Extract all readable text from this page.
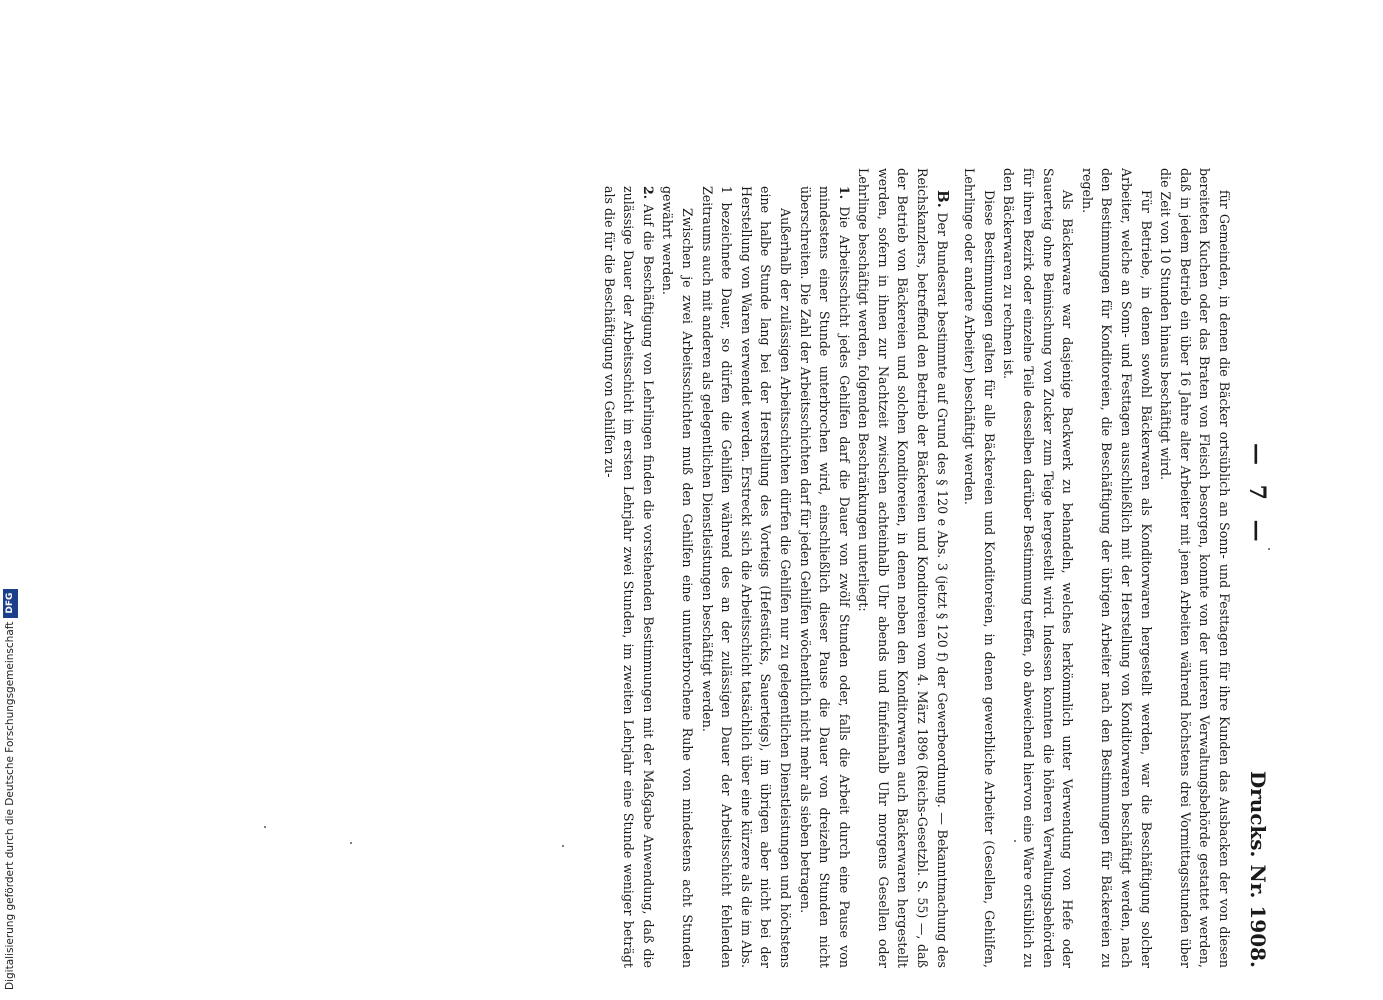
— 7 —
Drucks. Nr. 1908.

für Gemeinden, in denen die Bäcker ortsüblich an Sonn- und Festtagen für ihre Kunden das Ausbacken der von diesen bereiteten Kuchen oder das Braten von Fleisch besorgen, konnte von der unteren Verwaltungsbehörde gestattet werden, daß in jedem Betrieb ein über 16 Jahre alter Arbeiter mit jenen Arbeiten während höchstens drei Vormittagsstunden über die Zeit von 10 Stunden hinaus beschäftigt wird.

Für Betriebe, in denen sowohl Bäckerwaren als Konditorwaren hergestellt werden, war die Beschäftigung solcher Arbeiter, welche an Sonn- und Festtagen ausschließlich mit der Herstellung von Konditorwaren beschäftigt werden, nach den Bestimmungen für Konditoreien, die Beschäftigung der übrigen Arbeiter nach den Bestimmungen für Bäckereien zu regeln.

Als Bäckerware war dasjenige Backwerk zu behandeln, welches herkömmlich unter Verwendung von Hefe oder Sauerteig ohne Beimischung von Zucker zum Teige hergestellt wird. Indessen konnten die höheren Verwaltungsbehörden für ihren Bezirk oder einzelne Teile desselben darüber Bestimmung treffen, ob abweichend hiervon eine Ware ortsüblich zu den Bäckerwaren zu rechnen ist.

Diese Bestimmungen galten für alle Bäckereien und Konditoreien, in denen gewerbliche Arbeiter (Gesellen, Gehilfen, Lehrlinge oder andere Arbeiter) beschäftigt werden.

B. Der Bundesrat bestimmte auf Grund des § 120 e Abs. 3 (jetzt § 120 f) der Gewerbeordnung. — Bekanntmachung des Reichskanzlers, betreffend den Betrieb der Bäckereien und Konditoreien vom 4. März 1896 (Reichs-Gesetzbl. S. 55) —, daß der Betrieb von Bäckereien und solchen Konditoreien, in denen neben den Konditorwaren auch Bäckerwaren hergestellt werden, sofern in ihnen zur Nachtzeit zwischen achteinhalb Uhr abends und fünfeinhalb Uhr morgens Gesellen oder Lehrlinge beschäftigt werden, folgenden Beschränkungen unterliegt:

1. Die Arbeitsschicht jedes Gehilfen darf die Dauer von zwölf Stunden oder, falls die Arbeit durch eine Pause von mindestens einer Stunde unterbrochen wird, einschließlich dieser Pause die Dauer von dreizehn Stunden nicht überschreiten. Die Zahl der Arbeitsschichten darf für jeden Gehilfen wöchentlich nicht mehr als sieben betragen.

Außerhalb der zulässigen Arbeitsschichten dürfen die Gehilfen nur zu gelegentlichen Dienstleistungen und höchstens eine halbe Stunde lang bei der Herstellung des Vorteigs (Hefestücks, Sauerteigs), im übrigen aber nicht bei der Herstellung von Waren verwendet werden. Erstreckt sich die Arbeitsschicht tatsächlich über eine kürzere als die im Abs. 1 bezeichnete Dauer, so dürfen die Gehilfen während des an der zulässigen Dauer der Arbeitsschicht fehlenden Zeitraums auch mit anderen als gelegentlichen Dienstleistungen beschäftigt werden.

Zwischen je zwei Arbeitsschichten muß den Gehilfen eine ununterbrochene Ruhe von mindestens acht Stunden gewährt werden.

2. Auf die Beschäftigung von Lehrlingen finden die vorstehenden Bestimmungen mit der Maßgabe Anwendung, daß die zulässige Dauer der Arbeitsschicht im ersten Lehrjahr zwei Stunden, im zweiten Lehrjahr eine Stunde weniger beträgt als die für die Beschäftigung von Gehilfen zu-

Digitalisierung gefördert durch die Deutsche Forschungsgemeinschaft
DFG
